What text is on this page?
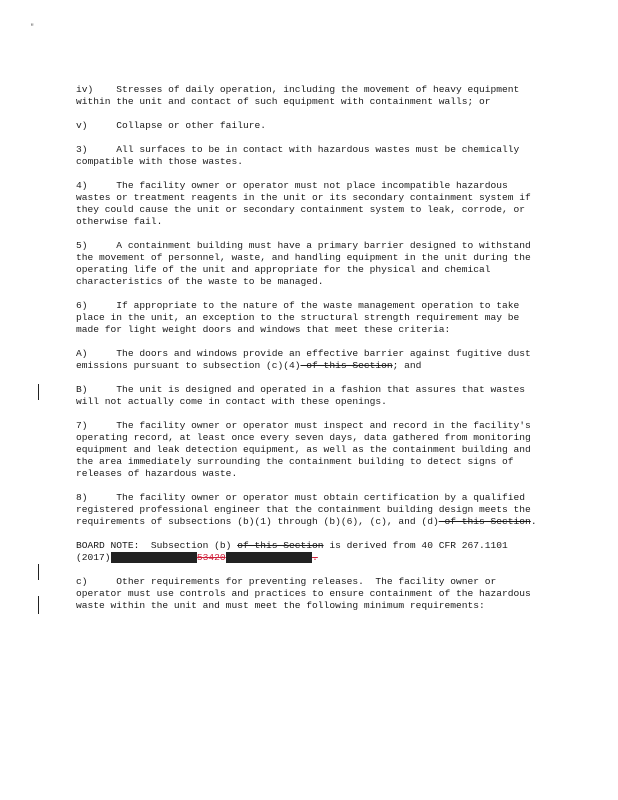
″

iv)    Stresses of daily operation, including the movement of heavy equipment within the unit and contact of such equipment with containment walls; or

v)     Collapse or other failure.

3)     All surfaces to be in contact with hazardous wastes must be chemically compatible with those wastes.

4)     The facility owner or operator must not place incompatible hazardous wastes or treatment reagents in the unit or its secondary containment system if they could cause the unit or secondary containment system to leak, corrode, or otherwise fail.

5)     A containment building must have a primary barrier designed to withstand the movement of personnel, waste, and handling equipment in the unit during the operating life of the unit and appropriate for the physical and chemical characteristics of the waste to be managed.

6)     If appropriate to the nature of the waste management operation to take place in the unit, an exception to the structural strength requirement may be made for light weight doors and windows that meet these criteria:

A)     The doors and windows provide an effective barrier against fugitive dust emissions pursuant to subsection (c)(4) of this Section; and

B)     The unit is designed and operated in a fashion that assures that wastes will not actually come in contact with these openings.

7)     The facility owner or operator must inspect and record in the facility's operating record, at least once every seven days, data gathered from monitoring equipment and leak detection equipment, as well as the containment building and the area immediately surrounding the containment building to detect signs of releases of hazardous waste.

8)     The facility owner or operator must obtain certification by a qualified registered professional engineer that the containment building design meets the requirements of subsections (b)(1) through (b)(6), (c), and (d) of this Section.

BOARD NOTE:  Subsection (b) of this Section is derived from 40 CFR 267.1101 (2017)	53420	.

c)     Other requirements for preventing releases.  The facility owner or operator must use controls and practices to ensure containment of the hazardous waste within the unit and must meet the following minimum requirements:
